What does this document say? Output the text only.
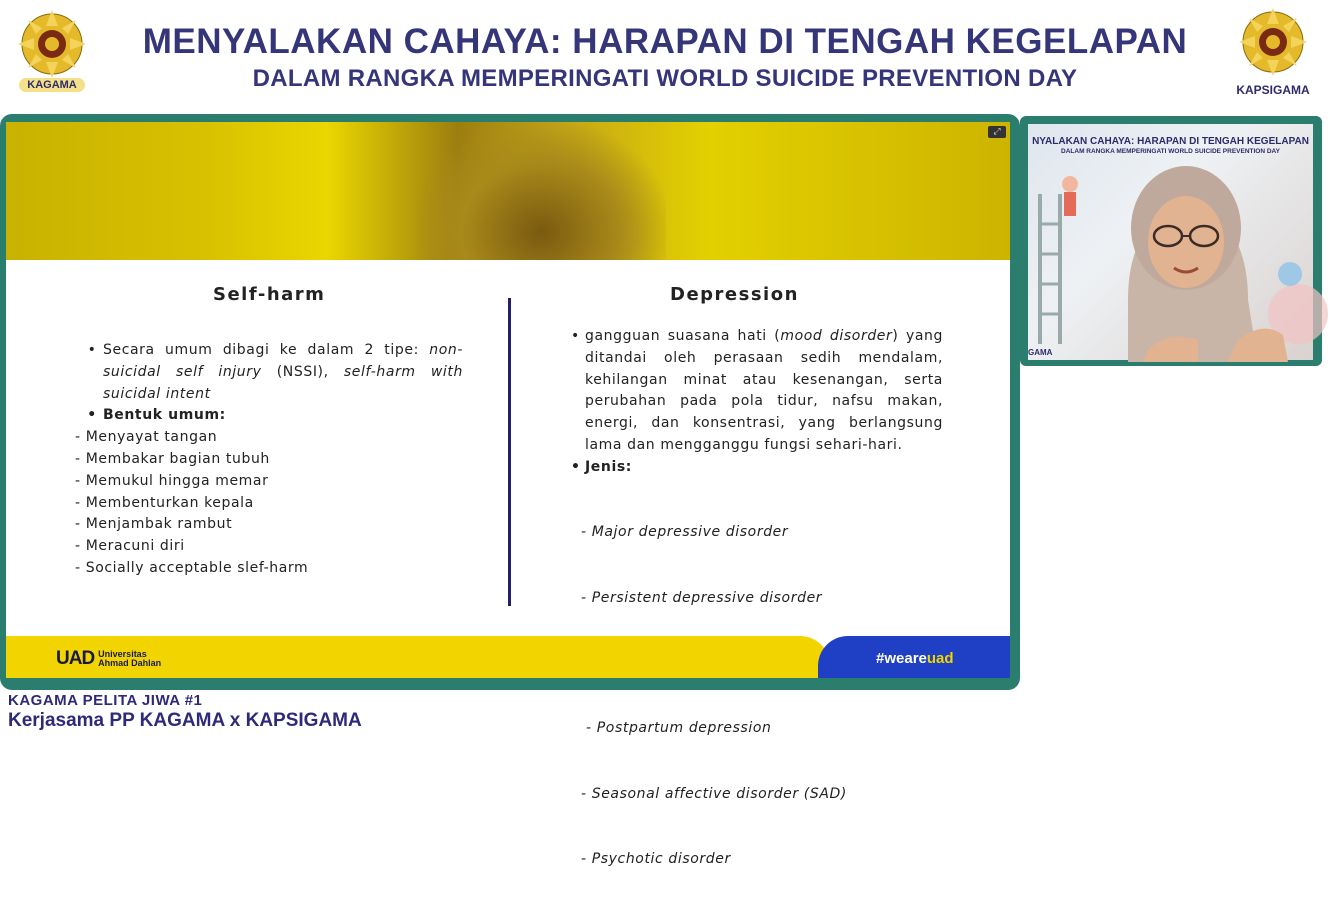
KAGAMA
MENYALAKAN CAHAYA: HARAPAN DI TENGAH KEGELAPAN
DALAM RANGKA MEMPERINGATI WORLD SUICIDE PREVENTION DAY	KAPSIGAMA
⤢
Self-harm	Depression
• Secara umum dibagi ke dalam 2 tipe: non-suicidal self injury (NSSI), self-harm with suicidal intent
• Bentuk umum:
- Menyayat tangan
- Membakar bagian tubuh
- Memukul hingga memar
- Membenturkan kepala
- Menjambak rambut
- Meracuni diri
- Socially acceptable slef-harm
• gangguan suasana hati (mood disorder) yang ditandai oleh perasaan sedih mendalam, kehilangan minat atau kesenangan, serta perubahan pada pola tidur, nafsu makan, energi, dan konsentrasi, yang berlangsung lama dan mengganggu fungsi sehari-hari.
• Jenis:

- Major depressive disorder

- Persistent depressive disorder

- Postpartum depression

- Seasonal affective disorder (SAD)

- Psychotic disorder

UAD Universitas
Ahmad Dahlan	#weareuad
NYALAKAN CAHAYA: HARAPAN DI TENGAH KEGELAPAN
DALAM RANGKA MEMPERINGATI WORLD SUICIDE PREVENTION DAY
GAMA
KAGAMA PELITA JIWA #1
Kerjasama PP KAGAMA x KAPSIGAMA
